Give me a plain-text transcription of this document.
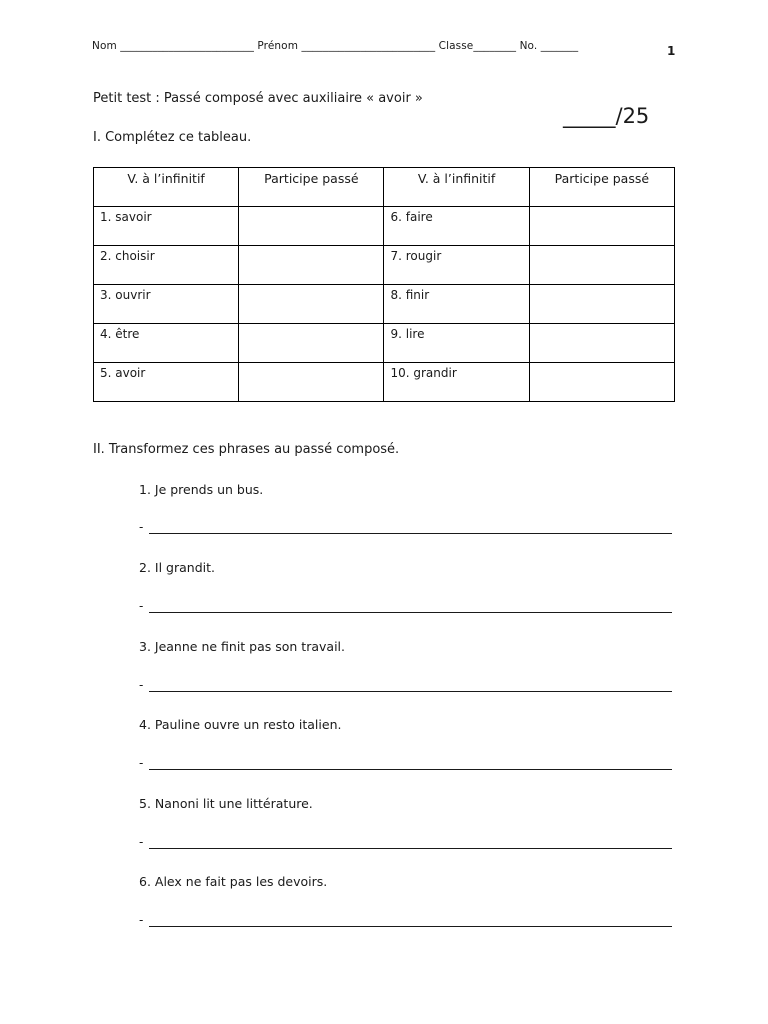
Nom _________________________ Prénom _________________________ Classe________ No. _______	1
Petit test : Passé composé avec auxiliaire « avoir »
_____/25
I. Complétez ce tableau.
V. à l’infinitif	Participe passé	V. à l’infinitif	Participe passé
1. savoir		6. faire	
2. choisir		7. rougir	
3. ouvrir		8. finir	
4. être		9. lire	
5. avoir		10. grandir	
II. Transformez ces phrases au passé composé.
1. Je prends un bus.
-
2. Il grandit.
-
3. Jeanne ne finit pas son travail.
-
4. Pauline ouvre un resto italien.
-
5. Nanoni lit une littérature.
-
6. Alex ne fait pas les devoirs.
-
